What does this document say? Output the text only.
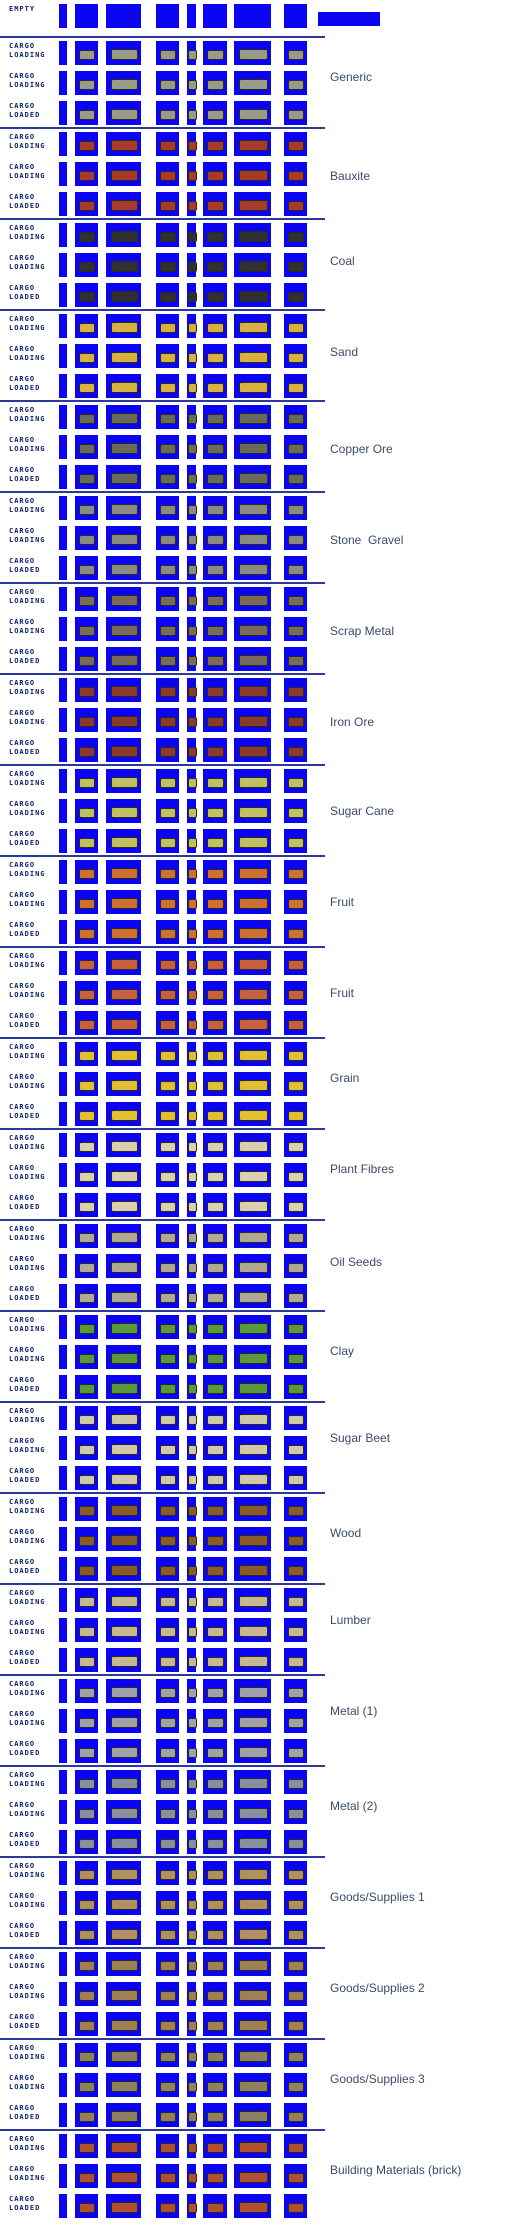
EMPTY
CARGO
LOADING
CARGO
LOADING
CARGO
LOADED
Generic
CARGO
LOADING
CARGO
LOADING
CARGO
LOADED
Bauxite
CARGO
LOADING
CARGO
LOADING
CARGO
LOADED
Coal
CARGO
LOADING
CARGO
LOADING
CARGO
LOADED
Sand
CARGO
LOADING
CARGO
LOADING
CARGO
LOADED
Copper Ore
CARGO
LOADING
CARGO
LOADING
CARGO
LOADED
Stone  Gravel
CARGO
LOADING
CARGO
LOADING
CARGO
LOADED
Scrap Metal
CARGO
LOADING
CARGO
LOADING
CARGO
LOADED
Iron Ore
CARGO
LOADING
CARGO
LOADING
CARGO
LOADED
Sugar Cane
CARGO
LOADING
CARGO
LOADING
CARGO
LOADED
Fruit
CARGO
LOADING
CARGO
LOADING
CARGO
LOADED
Fruit
CARGO
LOADING
CARGO
LOADING
CARGO
LOADED
Grain
CARGO
LOADING
CARGO
LOADING
CARGO
LOADED
Plant Fibres
CARGO
LOADING
CARGO
LOADING
CARGO
LOADED
Oil Seeds
CARGO
LOADING
CARGO
LOADING
CARGO
LOADED
Clay
CARGO
LOADING
CARGO
LOADING
CARGO
LOADED
Sugar Beet
CARGO
LOADING
CARGO
LOADING
CARGO
LOADED
Wood
CARGO
LOADING
CARGO
LOADING
CARGO
LOADED
Lumber
CARGO
LOADING
CARGO
LOADING
CARGO
LOADED
Metal (1)
CARGO
LOADING
CARGO
LOADING
CARGO
LOADED
Metal (2)
CARGO
LOADING
CARGO
LOADING
CARGO
LOADED
Goods/Supplies 1
CARGO
LOADING
CARGO
LOADING
CARGO
LOADED
Goods/Supplies 2
CARGO
LOADING
CARGO
LOADING
CARGO
LOADED
Goods/Supplies 3
CARGO
LOADING
CARGO
LOADING
CARGO
LOADED
Building Materials (brick)
